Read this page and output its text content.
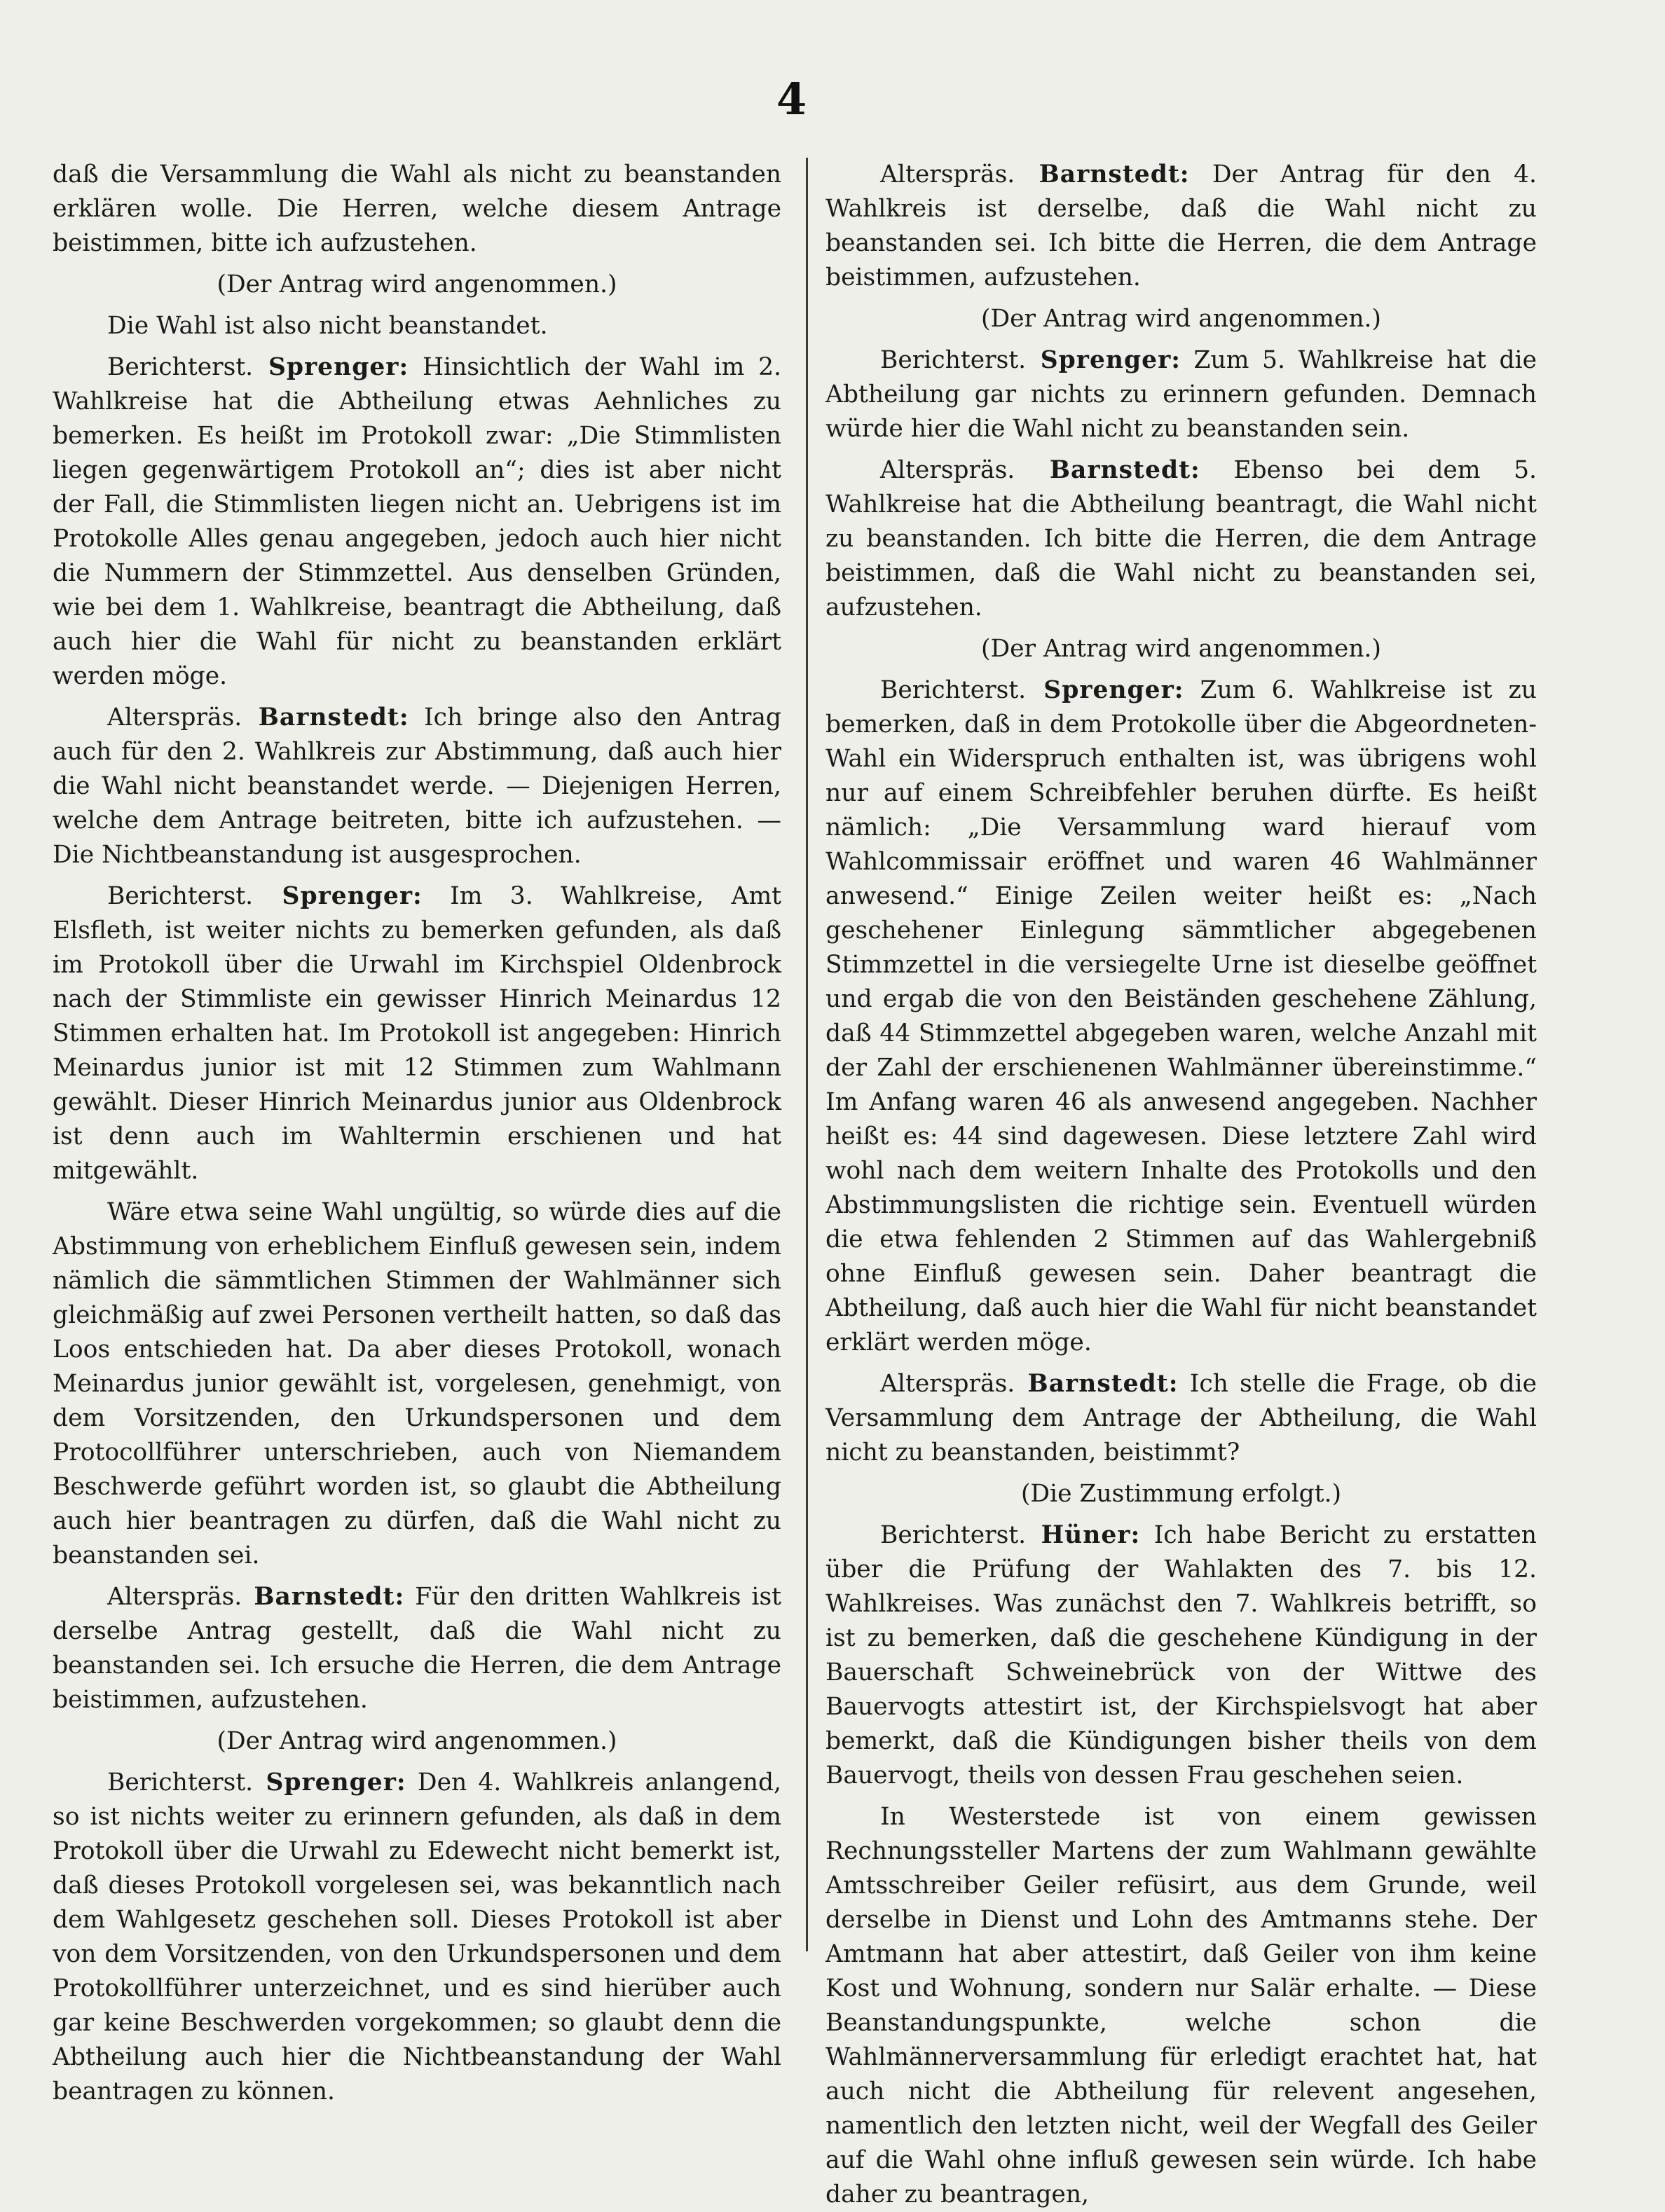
4

daß die Versammlung die Wahl als nicht zu beanstanden erklären wolle. Die Herren, welche diesem Antrage beistimmen, bitte ich aufzustehen.

(Der Antrag wird angenommen.)

Die Wahl ist also nicht beanstandet.

Berichterst. Sprenger: Hinsichtlich der Wahl im 2. Wahlkreise hat die Abtheilung etwas Aehnliches zu bemerken. Es heißt im Protokoll zwar: „Die Stimmlisten liegen gegenwärtigem Protokoll an“; dies ist aber nicht der Fall, die Stimmlisten liegen nicht an. Uebrigens ist im Protokolle Alles genau angegeben, jedoch auch hier nicht die Nummern der Stimmzettel. Aus denselben Gründen, wie bei dem 1. Wahlkreise, beantragt die Abtheilung, daß auch hier die Wahl für nicht zu beanstanden erklärt werden möge.

Alterspräs. Barnstedt: Ich bringe also den Antrag auch für den 2. Wahlkreis zur Abstimmung, daß auch hier die Wahl nicht beanstandet werde. — Diejenigen Herren, welche dem Antrage beitreten, bitte ich aufzustehen. — Die Nichtbeanstandung ist ausgesprochen.

Berichterst. Sprenger: Im 3. Wahlkreise, Amt Elsfleth, ist weiter nichts zu bemerken gefunden, als daß im Protokoll über die Urwahl im Kirchspiel Oldenbrock nach der Stimmliste ein gewisser Hinrich Meinardus 12 Stimmen erhalten hat. Im Protokoll ist angegeben: Hinrich Meinardus junior ist mit 12 Stimmen zum Wahlmann gewählt. Dieser Hinrich Meinardus junior aus Oldenbrock ist denn auch im Wahltermin erschienen und hat mitgewählt.

Wäre etwa seine Wahl ungültig, so würde dies auf die Abstimmung von erheblichem Einfluß gewesen sein, indem nämlich die sämmtlichen Stimmen der Wahlmänner sich gleichmäßig auf zwei Personen vertheilt hatten, so daß das Loos entschieden hat. Da aber dieses Protokoll, wonach Meinardus junior gewählt ist, vorgelesen, genehmigt, von dem Vorsitzenden, den Urkundspersonen und dem Protocollführer unterschrieben, auch von Niemandem Beschwerde geführt worden ist, so glaubt die Abtheilung auch hier beantragen zu dürfen, daß die Wahl nicht zu beanstanden sei.

Alterspräs. Barnstedt: Für den dritten Wahlkreis ist derselbe Antrag gestellt, daß die Wahl nicht zu beanstanden sei. Ich ersuche die Herren, die dem Antrage beistimmen, aufzustehen.

(Der Antrag wird angenommen.)

Berichterst. Sprenger: Den 4. Wahlkreis anlangend, so ist nichts weiter zu erinnern gefunden, als daß in dem Protokoll über die Urwahl zu Edewecht nicht bemerkt ist, daß dieses Protokoll vorgelesen sei, was bekanntlich nach dem Wahlgesetz geschehen soll. Dieses Protokoll ist aber von dem Vorsitzenden, von den Urkundspersonen und dem Protokollführer unterzeichnet, und es sind hierüber auch gar keine Beschwerden vorgekommen; so glaubt denn die Abtheilung auch hier die Nichtbeanstandung der Wahl beantragen zu können.

Alterspräs. Barnstedt: Der Antrag für den 4. Wahlkreis ist derselbe, daß die Wahl nicht zu beanstanden sei. Ich bitte die Herren, die dem Antrage beistimmen, aufzustehen.

(Der Antrag wird angenommen.)

Berichterst. Sprenger: Zum 5. Wahlkreise hat die Abtheilung gar nichts zu erinnern gefunden. Demnach würde hier die Wahl nicht zu beanstanden sein.

Alterspräs. Barnstedt: Ebenso bei dem 5. Wahlkreise hat die Abtheilung beantragt, die Wahl nicht zu beanstanden. Ich bitte die Herren, die dem Antrage beistimmen, daß die Wahl nicht zu beanstanden sei, aufzustehen.

(Der Antrag wird angenommen.)

Berichterst. Sprenger: Zum 6. Wahlkreise ist zu bemerken, daß in dem Protokolle über die Abgeordneten-Wahl ein Widerspruch enthalten ist, was übrigens wohl nur auf einem Schreibfehler beruhen dürfte. Es heißt nämlich: „Die Versammlung ward hierauf vom Wahlcommissair eröffnet und waren 46 Wahlmänner anwesend.“ Einige Zeilen weiter heißt es: „Nach geschehener Einlegung sämmtlicher abgegebenen Stimmzettel in die versiegelte Urne ist dieselbe geöffnet und ergab die von den Beiständen geschehene Zählung, daß 44 Stimmzettel abgegeben waren, welche Anzahl mit der Zahl der erschienenen Wahlmänner übereinstimme.“ Im Anfang waren 46 als anwesend angegeben. Nachher heißt es: 44 sind dagewesen. Diese letztere Zahl wird wohl nach dem weitern Inhalte des Protokolls und den Abstimmungslisten die richtige sein. Eventuell würden die etwa fehlenden 2 Stimmen auf das Wahlergebniß ohne Einfluß gewesen sein. Daher beantragt die Abtheilung, daß auch hier die Wahl für nicht beanstandet erklärt werden möge.

Alterspräs. Barnstedt: Ich stelle die Frage, ob die Versammlung dem Antrage der Abtheilung, die Wahl nicht zu beanstanden, beistimmt?

(Die Zustimmung erfolgt.)

Berichterst. Hüner: Ich habe Bericht zu erstatten über die Prüfung der Wahlakten des 7. bis 12. Wahlkreises. Was zunächst den 7. Wahlkreis betrifft, so ist zu bemerken, daß die geschehene Kündigung in der Bauerschaft Schweinebrück von der Wittwe des Bauervogts attestirt ist, der Kirchspielsvogt hat aber bemerkt, daß die Kündigungen bisher theils von dem Bauervogt, theils von dessen Frau geschehen seien.

In Westerstede ist von einem gewissen Rechnungssteller Martens der zum Wahlmann gewählte Amtsschreiber Geiler refüsirt, aus dem Grunde, weil derselbe in Dienst und Lohn des Amtmanns stehe. Der Amtmann hat aber attestirt, daß Geiler von ihm keine Kost und Wohnung, sondern nur Salär erhalte. — Diese Beanstandungspunkte, welche schon die Wahlmännerversammlung für erledigt erachtet hat, hat auch nicht die Abtheilung für relevent angesehen, namentlich den letzten nicht, weil der Wegfall des Geiler auf die Wahl ohne influß gewesen sein würde. Ich habe daher zu beantragen,
